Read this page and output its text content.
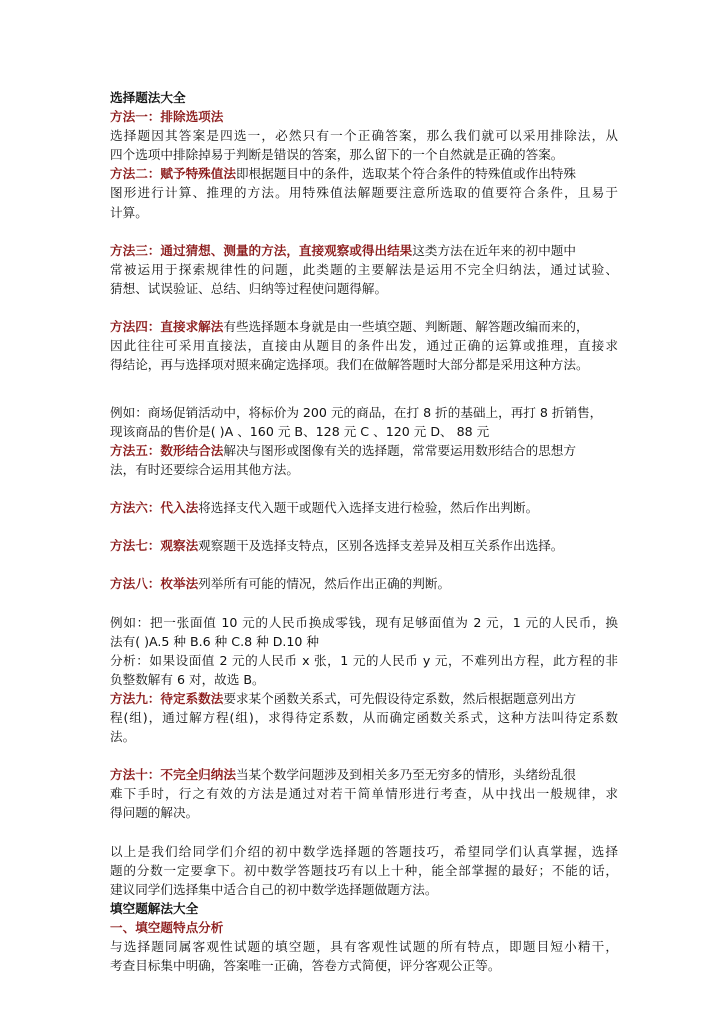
选择题法大全
方法一：排除选项法
选择题因其答案是四选一，必然只有一个正确答案，那么我们就可以采用排除法，从
四个选项中排除掉易于判断是错误的答案，那么留下的一个自然就是正确的答案。
方法二：赋予特殊值法即根据题目中的条件，选取某个符合条件的特殊值或作出特殊
图形进行计算、推理的方法。用特殊值法解题要注意所选取的值要符合条件，且易于
计算。
方法三：通过猜想、测量的方法，直接观察或得出结果这类方法在近年来的初中题中
常被运用于探索规律性的问题，此类题的主要解法是运用不完全归纳法，通过试验、
猜想、试误验证、总结、归纳等过程使问题得解。
方法四：直接求解法有些选择题本身就是由一些填空题、判断题、解答题改编而来的，
因此往往可采用直接法，直接由从题目的条件出发，通过正确的运算或推理，直接求
得结论，再与选择项对照来确定选择项。我们在做解答题时大部分都是采用这种方法。
例如：商场促销活动中，将标价为 200 元的商品，在打 8 折的基础上，再打 8 折销售，
现该商品的售价是( )A 、160 元 B、128 元 C 、120 元 D、 88 元
方法五：数形结合法解决与图形或图像有关的选择题，常常要运用数形结合的思想方
法，有时还要综合运用其他方法。
方法六：代入法将选择支代入题干或题代入选择支进行检验，然后作出判断。
方法七：观察法观察题干及选择支特点，区别各选择支差异及相互关系作出选择。
方法八：枚举法列举所有可能的情况，然后作出正确的判断。
例如：把一张面值 10 元的人民币换成零钱，现有足够面值为 2 元，1 元的人民币，换
法有( )A.5 种 B.6 种 C.8 种 D.10 种
分析：如果设面值 2 元的人民币 x 张，1 元的人民币 y 元，不难列出方程，此方程的非
负整数解有 6 对，故选 B。
方法九：待定系数法要求某个函数关系式，可先假设待定系数，然后根据题意列出方
程(组)，通过解方程(组)，求得待定系数，从而确定函数关系式，这种方法叫待定系数
法。
方法十：不完全归纳法当某个数学问题涉及到相关多乃至无穷多的情形，头绪纷乱很
难下手时，行之有效的方法是通过对若干简单情形进行考查，从中找出一般规律，求
得问题的解决。
以上是我们给同学们介绍的初中数学选择题的答题技巧，希望同学们认真掌握，选择
题的分数一定要拿下。初中数学答题技巧有以上十种，能全部掌握的最好；不能的话，
建议同学们选择集中适合自己的初中数学选择题做题方法。
填空题解法大全
一、填空题特点分析
与选择题同属客观性试题的填空题，具有客观性试题的所有特点，即题目短小精干，
考查目标集中明确，答案唯一正确，答卷方式简便，评分客观公正等。
